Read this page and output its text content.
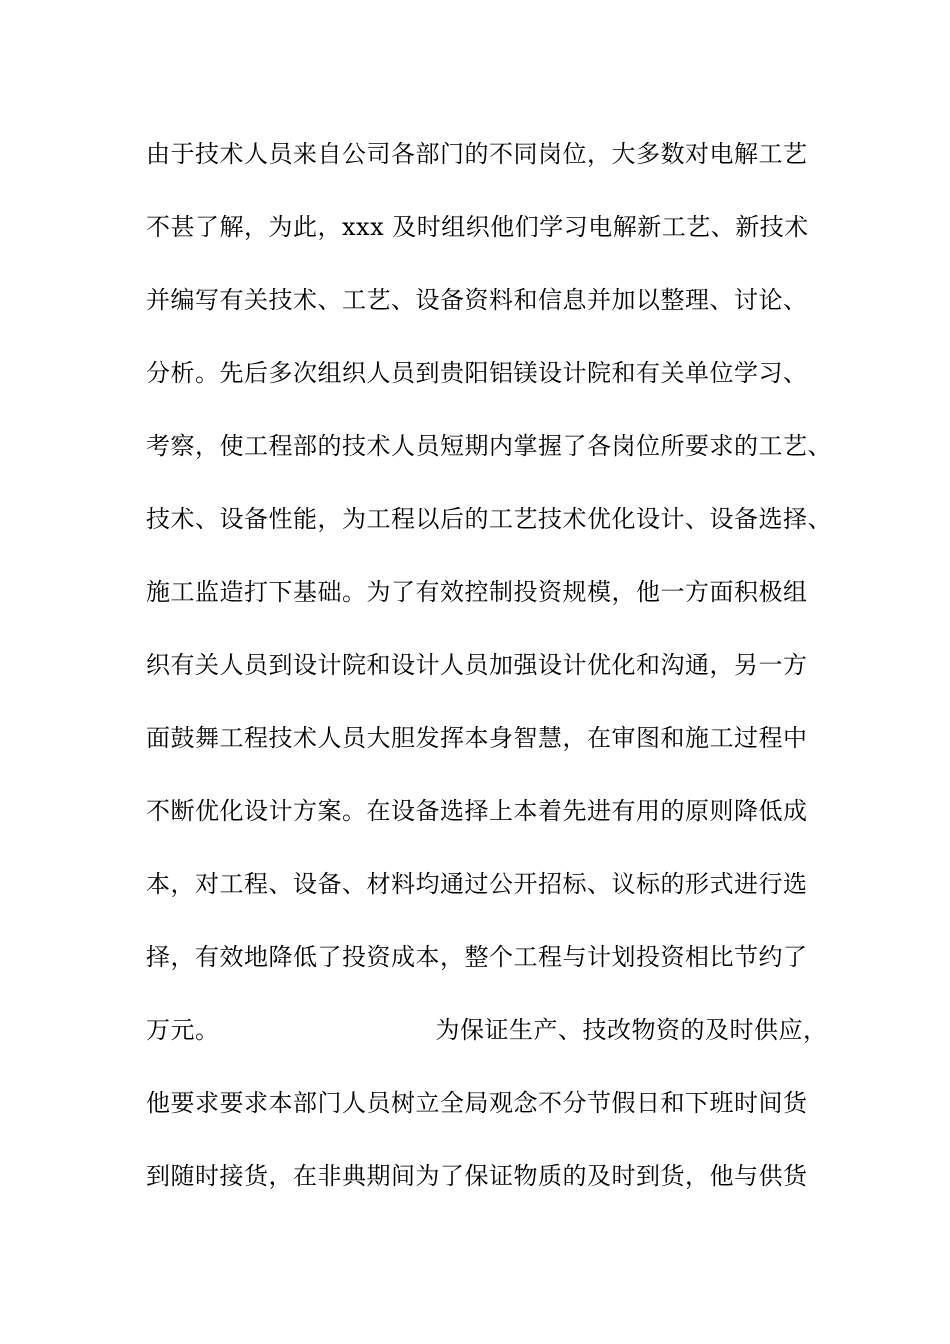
由于技术人员来自公司各部门的不同岗位，大多数对电解工艺

不甚了解，为此，xxx 及时组织他们学习电解新工艺、新技术

并编写有关技术、工艺、设备资料和信息并加以整理、讨论、

分析。先后多次组织人员到贵阳铝镁设计院和有关单位学习、

考察，使工程部的技术人员短期内掌握了各岗位所要求的工艺、

技术、设备性能，为工程以后的工艺技术优化设计、设备选择、

施工监造打下基础。为了有效控制投资规模，他一方面积极组

织有关人员到设计院和设计人员加强设计优化和沟通，另一方

面鼓舞工程技术人员大胆发挥本身智慧，在审图和施工过程中

不断优化设计方案。在设备选择上本着先进有用的原则降低成

本，对工程、设备、材料均通过公开招标、议标的形式进行选

择，有效地降低了投资成本，整个工程与计划投资相比节约了

万元。	为保证生产、技改物资的及时供应，

他要求要求本部门人员树立全局观念不分节假日和下班时间货

到随时接货，在非典期间为了保证物质的及时到货，他与供货
